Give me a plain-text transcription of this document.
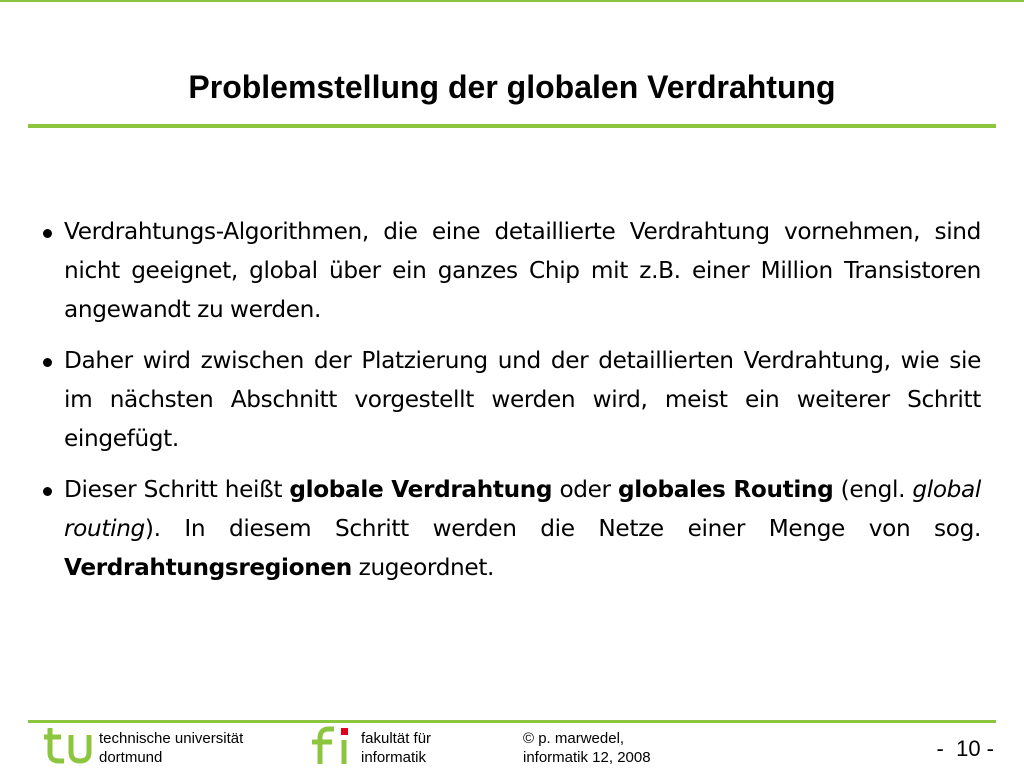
Problemstellung der globalen Verdrahtung
Verdrahtungs-Algorithmen, die eine detaillierte Verdrahtung vornehmen, sind nicht geeignet, global über ein ganzes Chip mit z.B. einer Million Transistoren angewandt zu werden.
Daher wird zwischen der Platzierung und der detaillierten Verdrahtung, wie sie im nächsten Abschnitt vorgestellt werden wird, meist ein weiterer Schritt eingefügt.
Dieser Schritt heißt globale Verdrahtung oder globales Routing (engl. global routing). In diesem Schritt werden die Netze einer Menge von sog. Verdrahtungsregionen zugeordnet.
technische universität
dortmund
fakultät für
informatik
© p. marwedel,
informatik 12, 2008	-  10 -
